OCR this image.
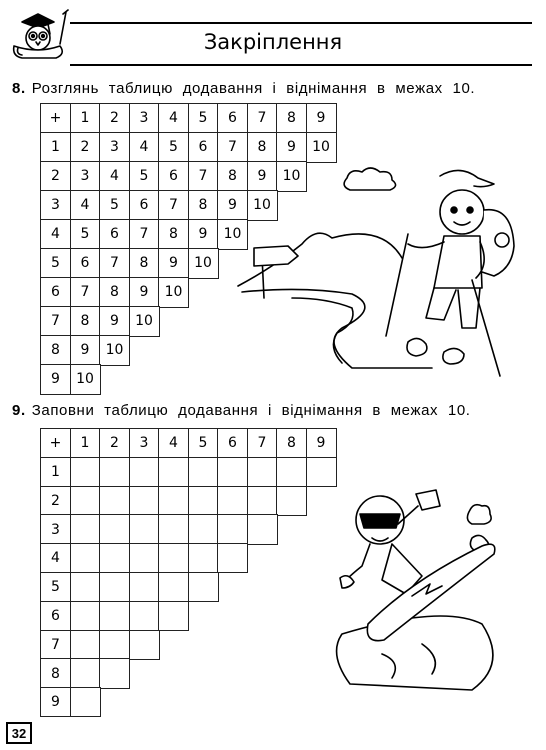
Закріплення
8. Розглянь таблицю додавання і віднімання в межах 10.
+	1	2	3	4	5	6	7	8	9
1	2	3	4	5	6	7	8	9	10
2	3	4	5	6	7	8	9	10
3	4	5	6	7	8	9	10
4	5	6	7	8	9	10
5	6	7	8	9	10
6	7	8	9	10
7	8	9	10
8	9	10
9	10
9. Заповни таблицю додавання і віднімання в межах 10.
+	1	2	3	4	5	6	7	8	9
1
2
3
4
5
6
7
8
9
32
